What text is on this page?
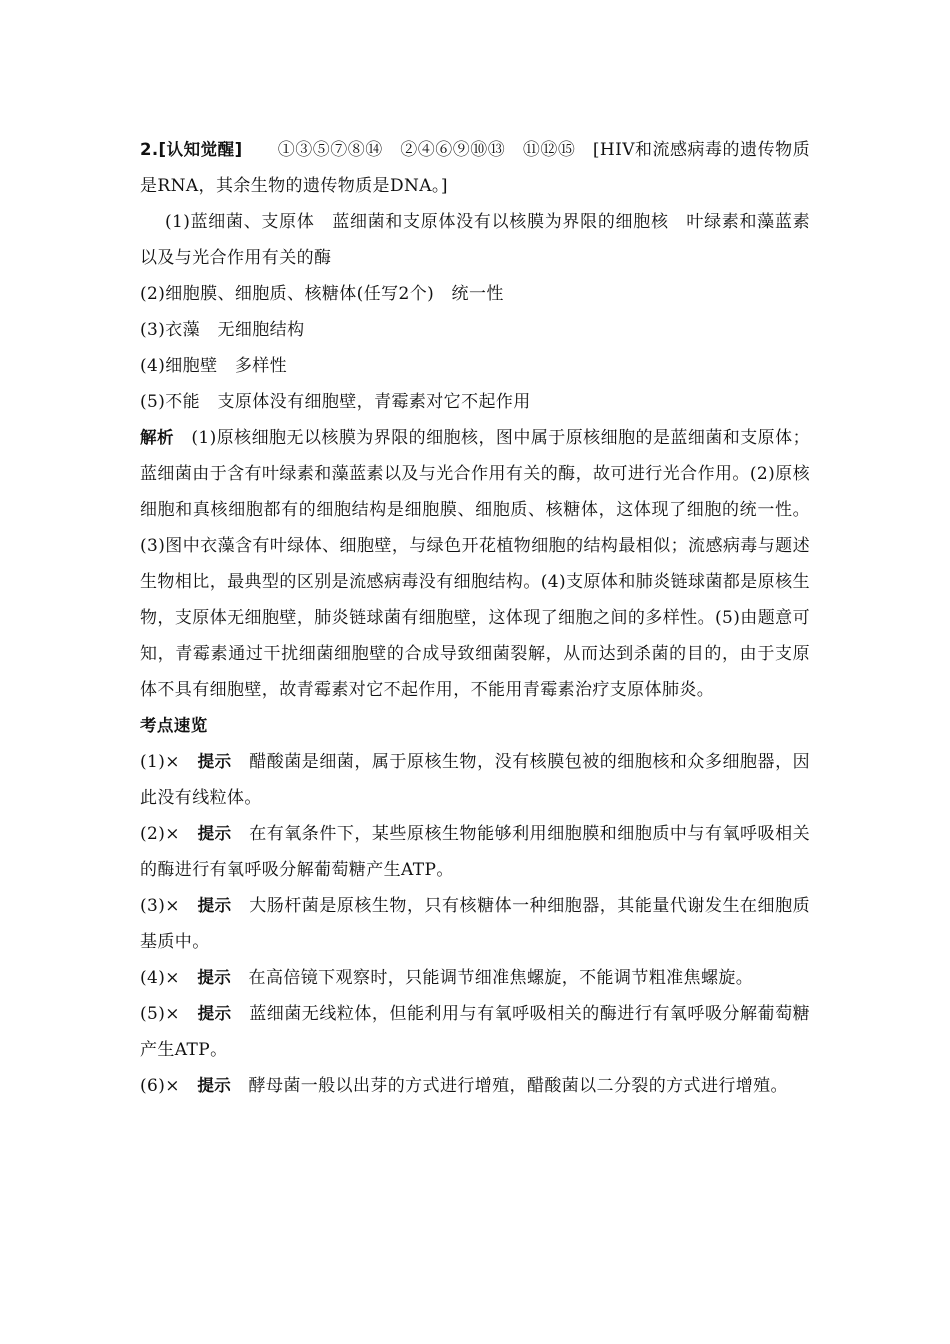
2.[认知觉醒]　　①③⑤⑦⑧⑭　②④⑥⑨⑩⑬　⑪⑫⑮　[HIV和流感病毒的遗传物质是RNA，其余生物的遗传物质是DNA。]

(1)蓝细菌、支原体　蓝细菌和支原体没有以核膜为界限的细胞核　叶绿素和藻蓝素以及与光合作用有关的酶

(2)细胞膜、细胞质、核糖体(任写2个)　统一性

(3)衣藻　无细胞结构

(4)细胞壁　多样性

(5)不能　支原体没有细胞壁，青霉素对它不起作用

解析　(1)原核细胞无以核膜为界限的细胞核，图中属于原核细胞的是蓝细菌和支原体；蓝细菌由于含有叶绿素和藻蓝素以及与光合作用有关的酶，故可进行光合作用。(2)原核细胞和真核细胞都有的细胞结构是细胞膜、细胞质、核糖体，这体现了细胞的统一性。(3)图中衣藻含有叶绿体、细胞壁，与绿色开花植物细胞的结构最相似；流感病毒与题述生物相比，最典型的区别是流感病毒没有细胞结构。(4)支原体和肺炎链球菌都是原核生物，支原体无细胞壁，肺炎链球菌有细胞壁，这体现了细胞之间的多样性。(5)由题意可知，青霉素通过干扰细菌细胞壁的合成导致细菌裂解，从而达到杀菌的目的，由于支原体不具有细胞壁，故青霉素对它不起作用，不能用青霉素治疗支原体肺炎。

考点速览

(1)×　 提示　醋酸菌是细菌，属于原核生物，没有核膜包被的细胞核和众多细胞器，因此没有线粒体。

(2)×　 提示　在有氧条件下，某些原核生物能够利用细胞膜和细胞质中与有氧呼吸相关的酶进行有氧呼吸分解葡萄糖产生ATP。

(3)×　 提示　大肠杆菌是原核生物，只有核糖体一种细胞器，其能量代谢发生在细胞质基质中。

(4)×　 提示　在高倍镜下观察时，只能调节细准焦螺旋，不能调节粗准焦螺旋。

(5)×　 提示　蓝细菌无线粒体，但能利用与有氧呼吸相关的酶进行有氧呼吸分解葡萄糖产生ATP。

(6)×　 提示　酵母菌一般以出芽的方式进行增殖，醋酸菌以二分裂的方式进行增殖。
